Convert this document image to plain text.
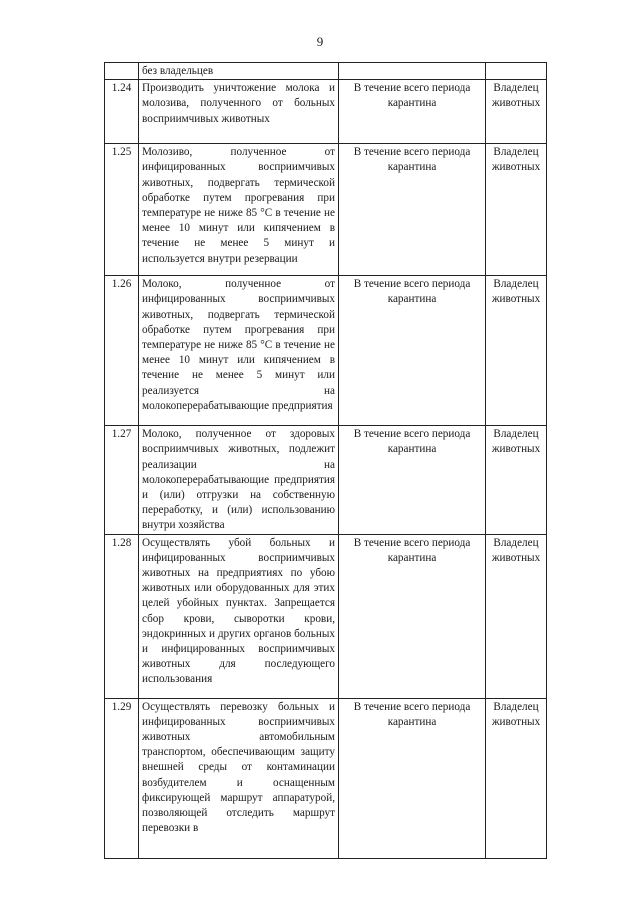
9
	без владельцев		
1.24	Производить уничтожение молока и молозива, полученного от больных восприимчивых животных	В течение всего периода карантина	Владелец животных
1.25	Молозиво, полученное от инфицированных восприимчивых животных, подвергать термической обработке путем прогревания при температуре не ниже 85 °С в течение не менее 10 минут или кипячением в течение не менее 5 минут и используется внутри резервации	В течение всего периода карантина	Владелец животных
1.26	Молоко, полученное от инфицированных восприимчивых животных, подвергать термической обработке путем прогревания при температуре не ниже 85 °С в течение не менее 10 минут или кипячением в течение не менее 5 минут или реализуется на молокоперерабатывающие предприятия	В течение всего периода карантина	Владелец животных
1.27	Молоко, полученное от здоровых восприимчивых животных, подлежит реализации на молокоперерабатывающие предприятия и (или) отгрузки на собственную переработку, и (или) использованию внутри хозяйства	В течение всего периода карантина	Владелец животных
1.28	Осуществлять убой больных и инфицированных восприимчивых животных на предприятиях по убою животных или оборудованных для этих целей убойных пунктах. Запрещается сбор крови, сыворотки крови, эндокринных и других органов больных и инфицированных восприимчивых животных для последующего использования	В течение всего периода карантина	Владелец животных
1.29	Осуществлять перевозку больных и инфицированных восприимчивых животных автомобильным транспортом, обеспечивающим защиту внешней среды от контаминации возбудителем и оснащенным фиксирующей маршрут аппаратурой, позволяющей отследить маршрут перевозки в	В течение всего периода карантина	Владелец животных
